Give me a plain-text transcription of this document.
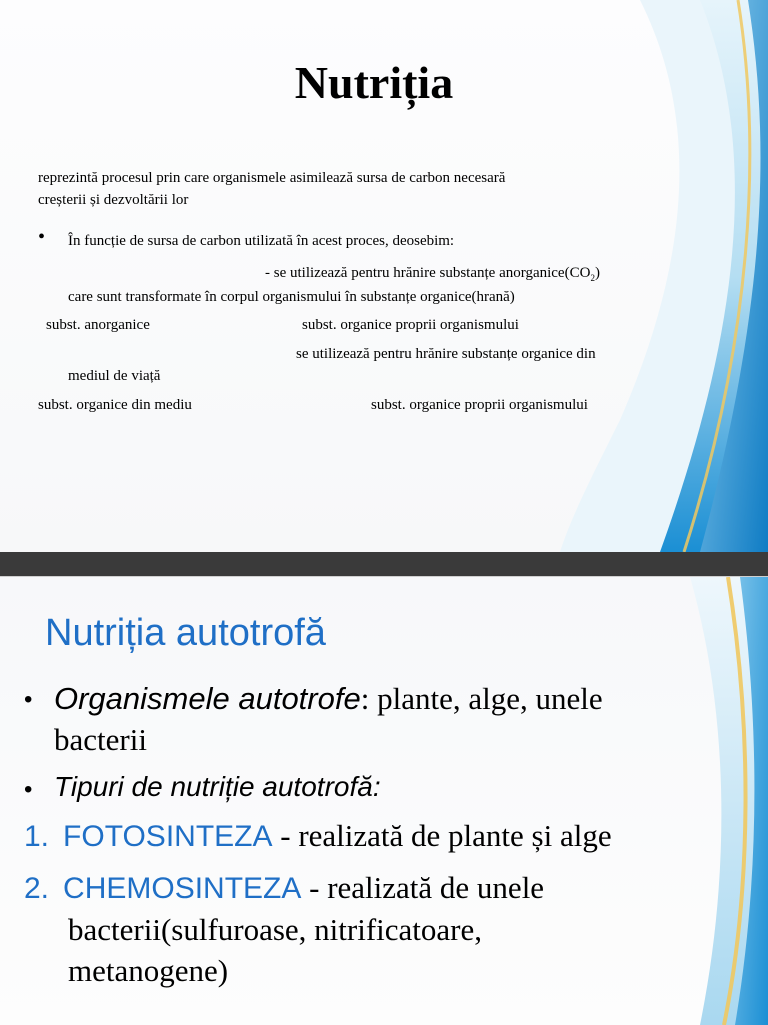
Nutriția
reprezintă procesul prin care organismele asimilează sursa de carbon necesară
creșterii și dezvoltării lor
• În funcție de sursa de carbon utilizată în acest proces, deosebim:
- se utilizează pentru hrănire substanțe $anorganice(CO_2)$
care sunt transformate în corpul organismului în substanțe organice(hrană)
subst. anorganice	subst. organice proprii organismului
se utilizează pentru hrănire substanțe organice din
mediul de viață
subst. organice din mediu	subst. organice proprii organismului
Nutriția autotrofă
• Organismele autotrofe: plante, alge, unele
bacterii
• Tipuri de nutriție autotrofă:
1. FOTOSINTEZA - realizată de plante și alge
2. CHEMOSINTEZA - realizată de unele
bacterii(sulfuroase, nitrificatoare,
metanogene)
